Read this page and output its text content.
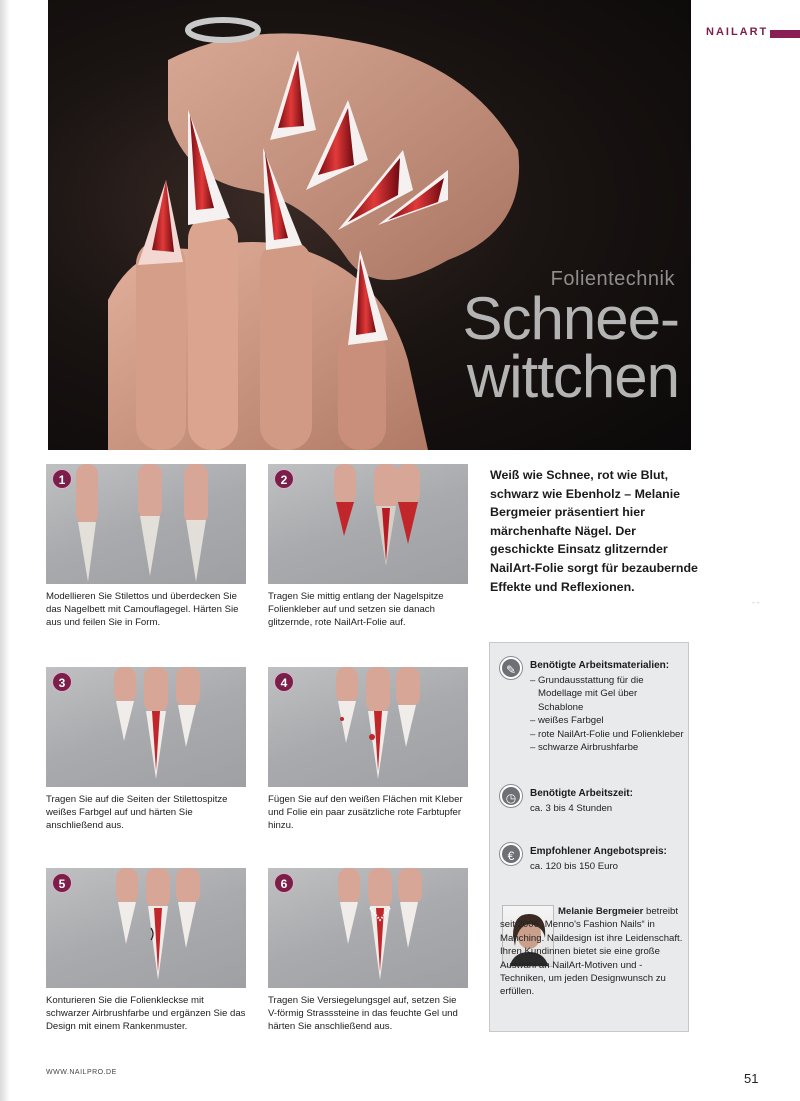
Folientechnik
Schnee-
wittchen
NAILART
1
Modellieren Sie Stilettos und überdecken Sie das Nagelbett mit Camouflagegel. Härten Sie aus und feilen Sie in Form.
2
Tragen Sie mittig entlang der Nagelspitze Folienkleber auf und setzen sie danach glitzernde, rote NailArt-Folie auf.
3
Tragen Sie auf die Seiten der Stilettospitze weißes Farbgel auf und härten Sie anschließend aus.
4
Fügen Sie auf den weißen Flächen mit Kleber und Folie ein paar zusätzliche rote Farbtupfer hinzu.
5
Konturieren Sie die Folienkleckse mit schwarzer Airbrushfarbe und ergänzen Sie das Design mit einem Rankenmuster.
6
Tragen Sie Versiegelungsgel auf, setzen Sie V-förmig Strasssteine in das feuchte Gel und härten Sie anschließend aus.
Weiß wie Schnee, rot wie Blut, schwarz wie Ebenholz – Melanie Bergmeier präsentiert hier märchenhafte Nägel. Der geschickte Einsatz glitzernder NailArt-Folie sorgt für bezaubernde Effekte und Reflexionen.
- -
✎	Benötigte Arbeitsmaterialien:
– Grundausstattung für die Modellage mit Gel über Schablone
– weißes Farbgel
– rote NailArt-Folie und Folienkleber
– schwarze Airbrushfarbe
◷	Benötigte Arbeitszeit:
ca. 3 bis 4 Stunden
€	Empfohlener Angebotspreis:
ca. 120 bis 150 Euro
Melanie Bergmeier betreibt seit 2006 „Menno's Fashion Nails“ in Manching. Naildesign ist ihre Leidenschaft. Ihren Kundinnen bietet sie eine große Auswahl an NailArt-Motiven und -Techniken, um jeden Designwunsch zu erfüllen.
WWW.NAILPRO.DE	51
